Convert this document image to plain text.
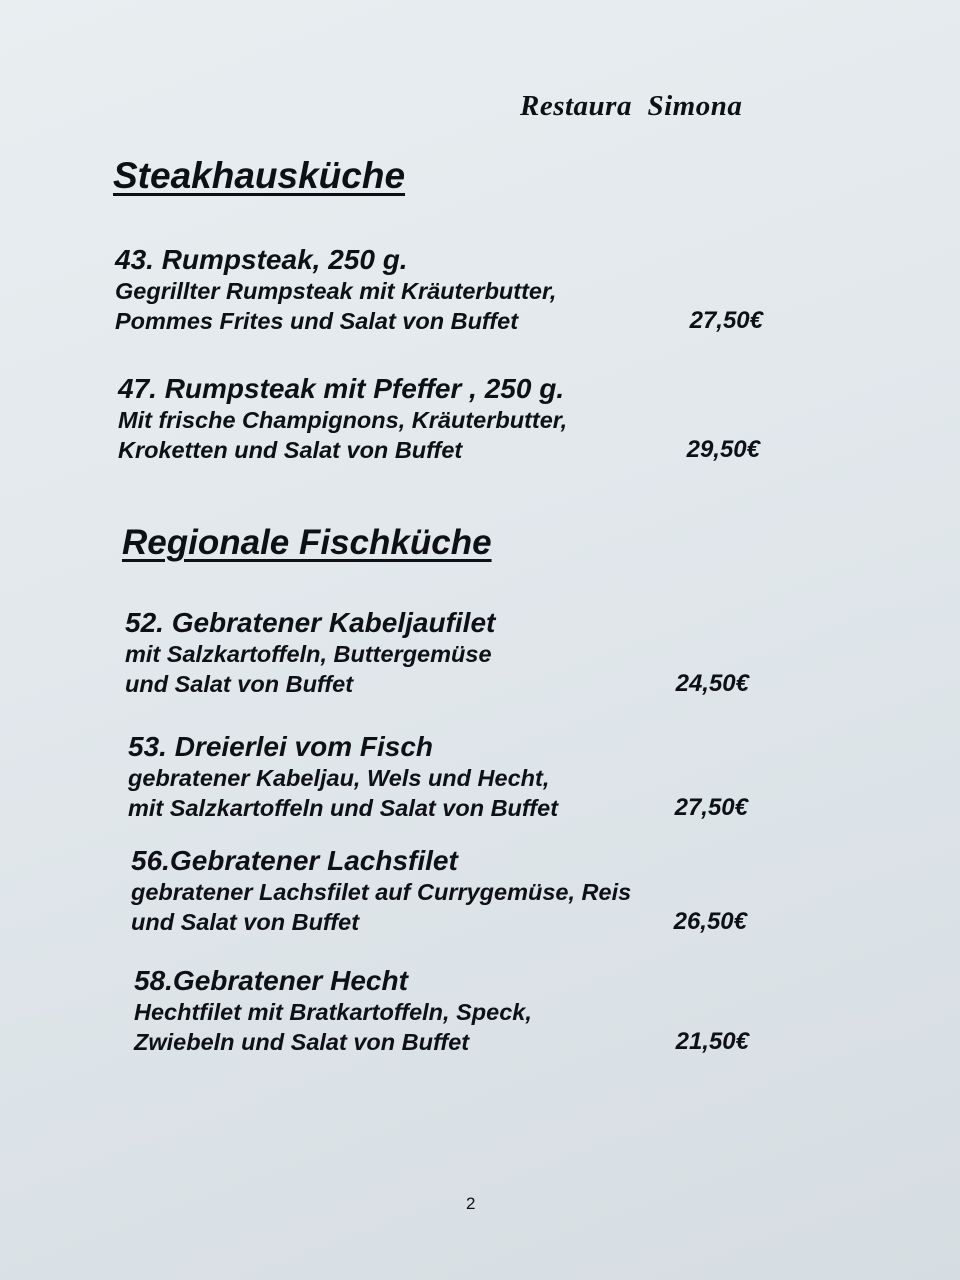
Restaura  Simona
Steakhausküche
43. Rumpsteak, 250 g.
Gegrillter Rumpsteak mit Kräuterbutter,
Pommes Frites und Salat von Buffet	27,50€
47. Rumpsteak mit Pfeffer , 250 g.
Mit frische Champignons, Kräuterbutter,
Kroketten und Salat von Buffet	29,50€
Regionale Fischküche
52. Gebratener Kabeljaufilet
mit Salzkartoffeln, Buttergemüse
und Salat von Buffet	24,50€
53. Dreierlei vom Fisch
gebratener Kabeljau, Wels und Hecht,
mit Salzkartoffeln und Salat von Buffet	27,50€
56.Gebratener Lachsfilet
gebratener Lachsfilet auf Currygemüse, Reis
und Salat von Buffet	26,50€
58.Gebratener Hecht
Hechtfilet mit Bratkartoffeln, Speck,
Zwiebeln und Salat von Buffet	21,50€
2
